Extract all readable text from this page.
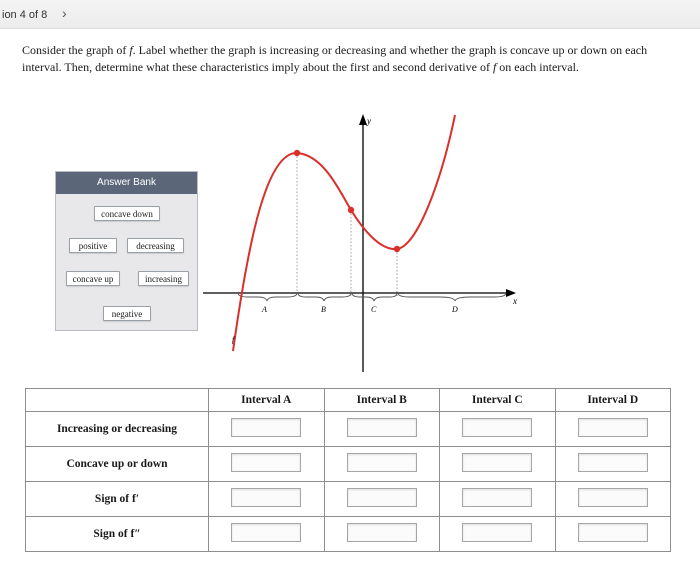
ion 4 of 8 ›

Consider the graph of f. Label whether the graph is increasing or decreasing and whether the graph is concave up or down on each interval. Then, determine what these characteristics imply about the first and second derivative of f on each interval.

Answer Bank
concave down
positive	decreasing
concave up	increasing
negative
y
x
A	B	C	D
f
	Interval A	Interval B	Interval C	Interval D
Increasing or decreasing	

Concave up or down	

Sign of f′	

Sign of f″	
